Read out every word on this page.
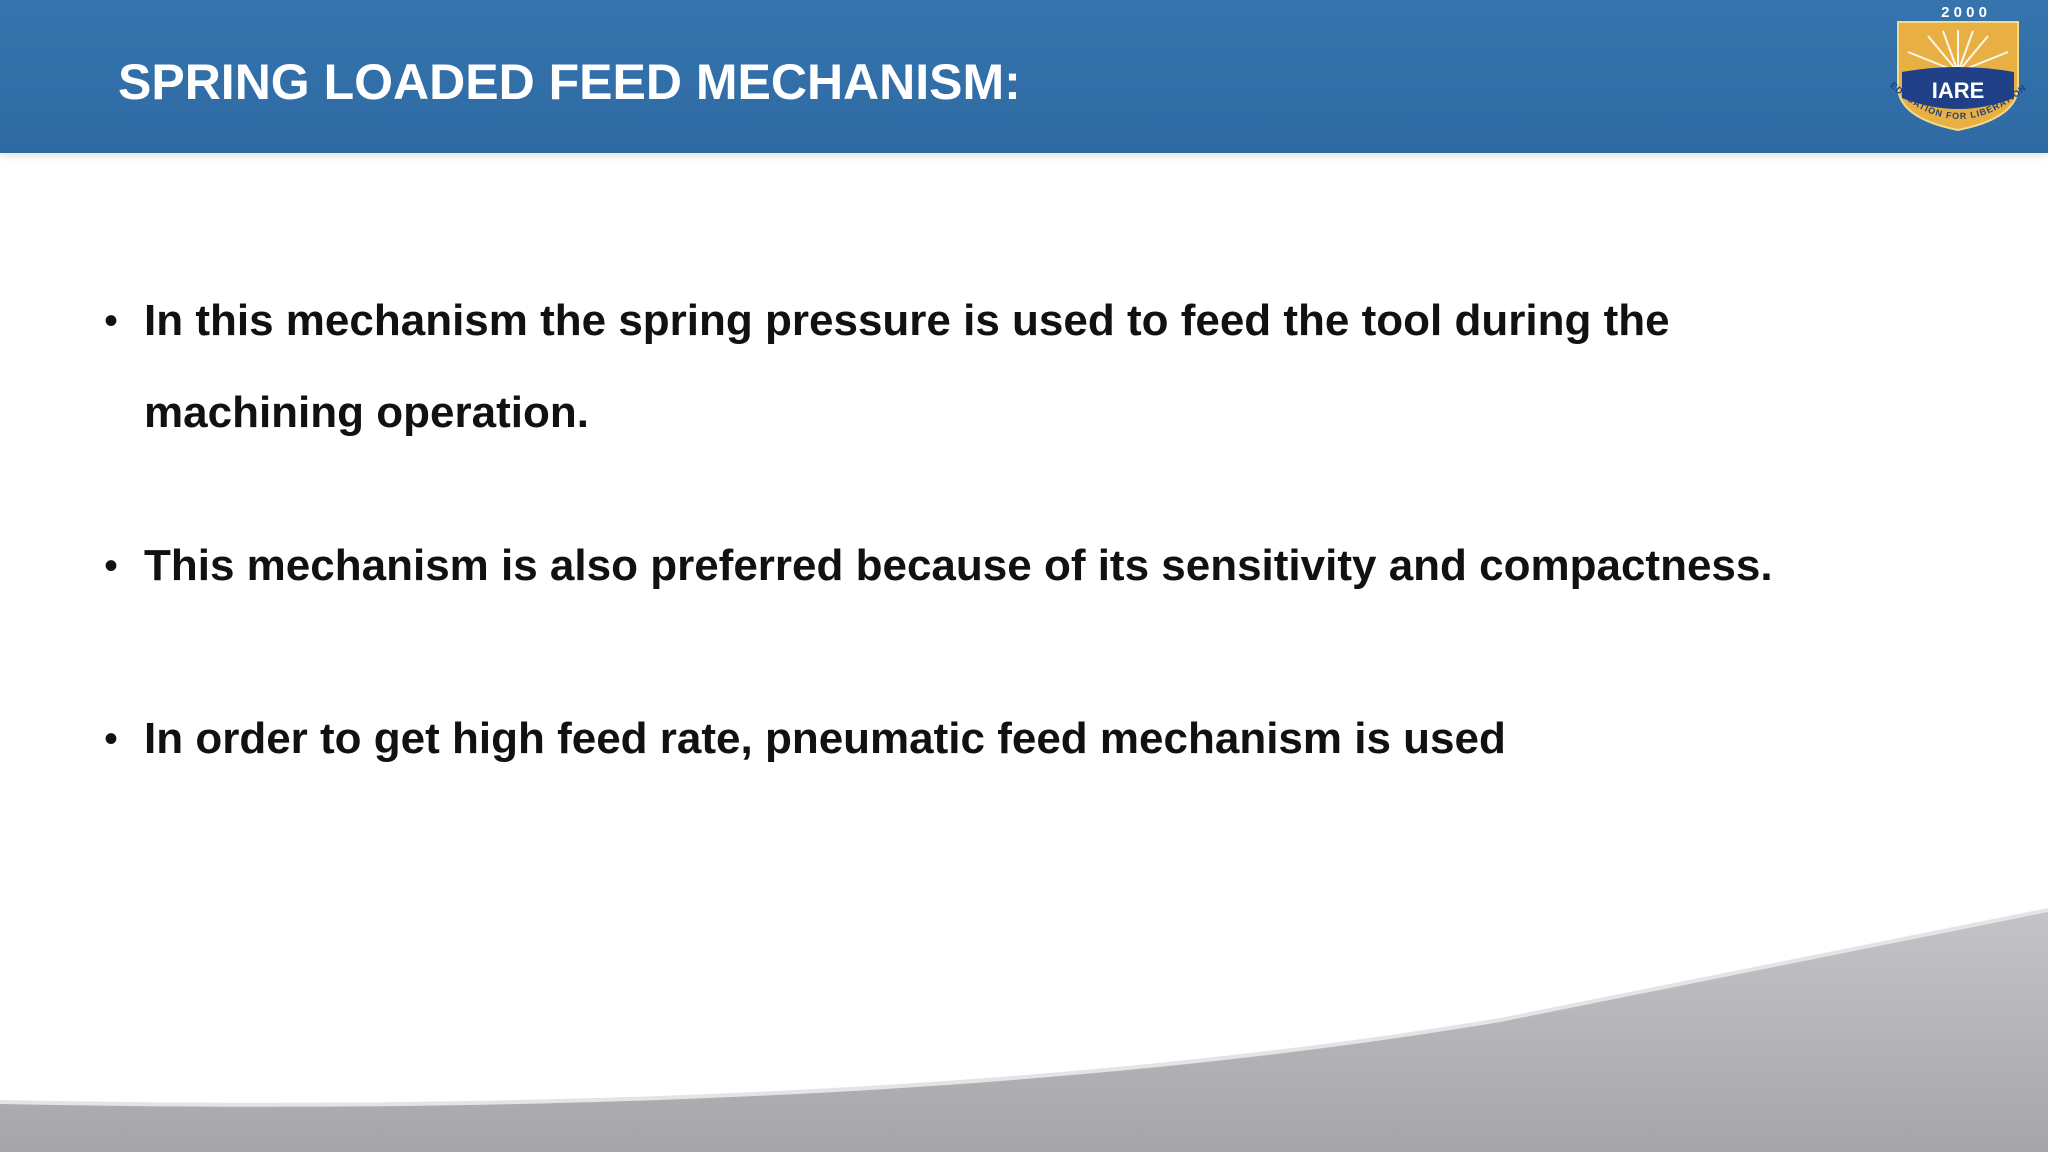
SPRING LOADED FEED MECHANISM:
2 0 0 0
IARE
EDUCATION FOR LIBERATION
• In this mechanism the spring pressure is used to feed the tool during the machining operation.

• This mechanism is also preferred because of its sensitivity and compactness.

• In order to get high feed rate, pneumatic feed mechanism is used
